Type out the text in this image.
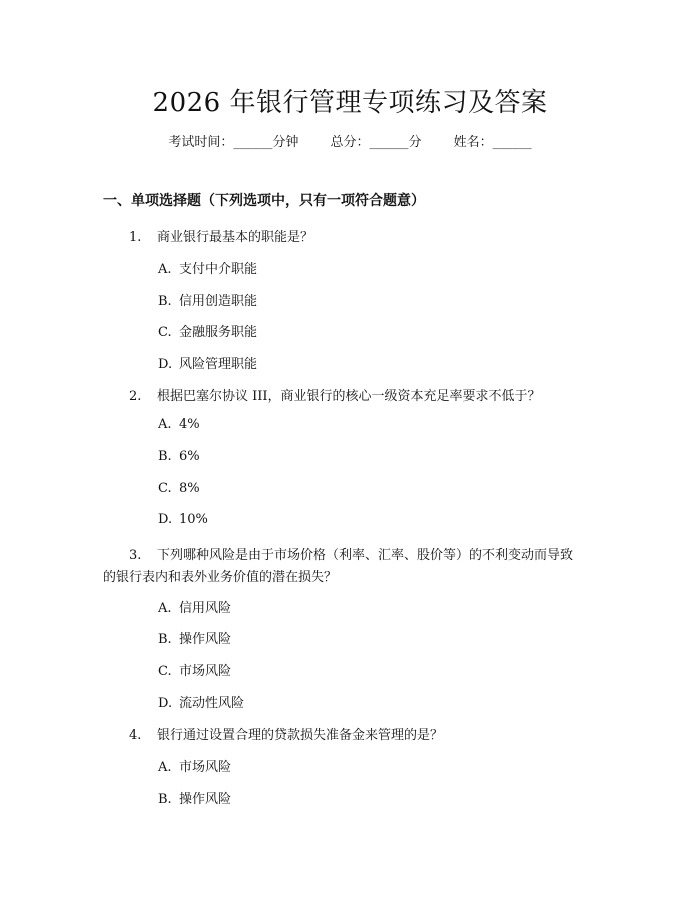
2026 年银行管理专项练习及答案
考试时间：______分钟 总分：______分 姓名：______
一、单项选择题（下列选项中，只有一项符合题意）
1. 商业银行最基本的职能是？
A. 支付中介职能
B. 信用创造职能
C. 金融服务职能
D. 风险管理职能
2. 根据巴塞尔协议 III，商业银行的核心一级资本充足率要求不低于？
A. 4%
B. 6%
C. 8%
D. 10%
3. 下列哪种风险是由于市场价格（利率、汇率、股价等）的不利变动而导致
的银行表内和表外业务价值的潜在损失？
A. 信用风险
B. 操作风险
C. 市场风险
D. 流动性风险
4. 银行通过设置合理的贷款损失准备金来管理的是？
A. 市场风险
B. 操作风险
